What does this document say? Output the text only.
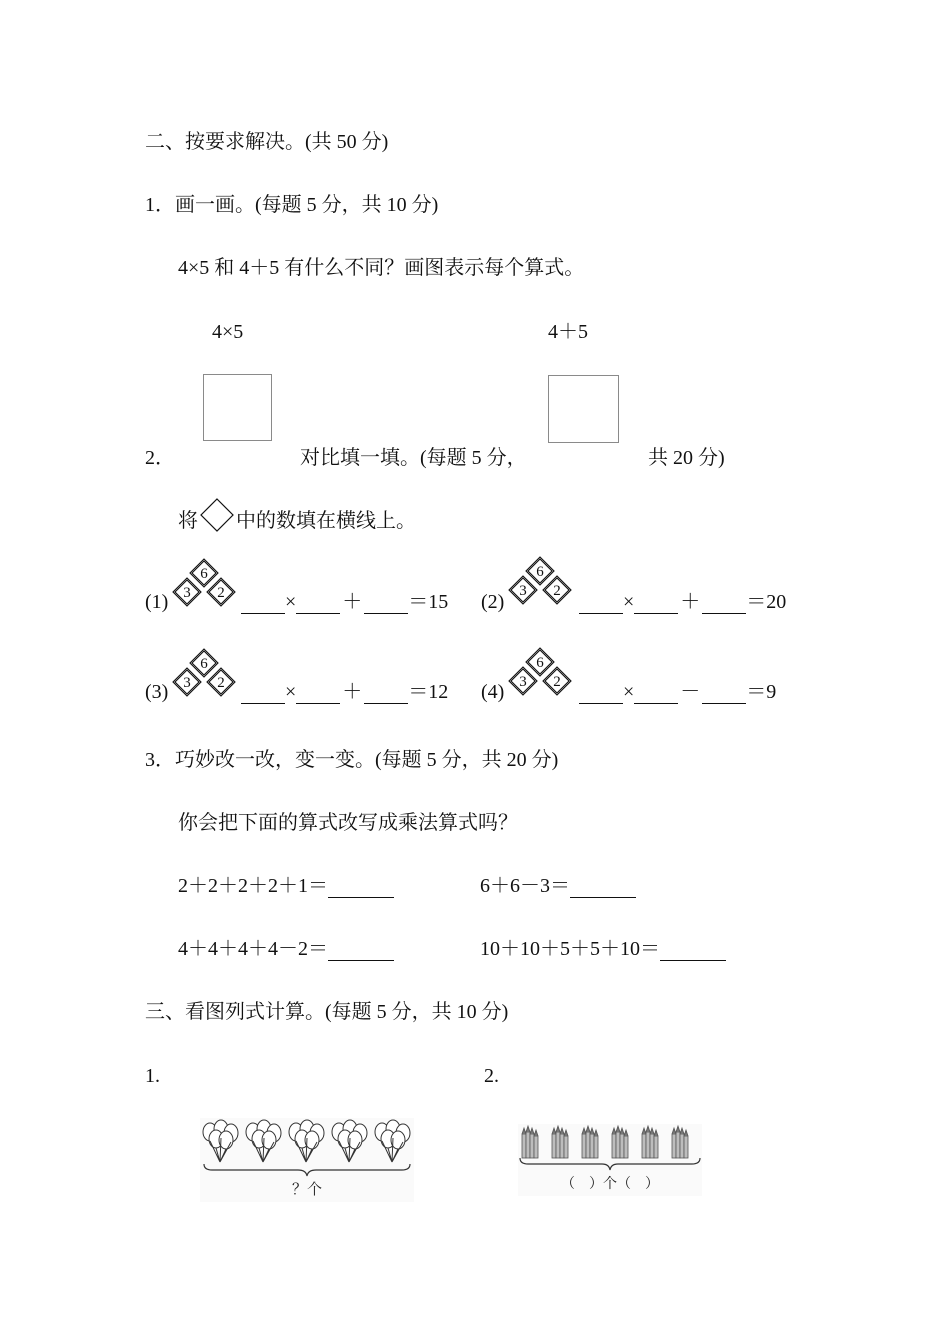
二、按要求解决。(共 50 分)
1．画一画。(每题 5 分，共 10 分)
4×5 和 4＋5 有什么不同？画图表示每个算式。
4×5	4＋5
2．	对比填一填。(每题 5 分，	共 20 分)
将 中的数填在横线上。
(1)
6
3 2	× ＋ ＝15 (2)
6
3 2	× ＋ ＝20
(3)
6
3 2	× ＋ ＝12 (4)
6
3 2	× － ＝9
3．巧妙改一改，变一变。(每题 5 分，共 20 分)
你会把下面的算式改写成乘法算式吗？
2＋2＋2＋2＋1＝	6＋6－3＝
4＋4＋4＋4－2＝	10＋10＋5＋5＋10＝
三、看图列式计算。(每题 5 分，共 10 分)
1.	2.
？个	（　）个（　）
